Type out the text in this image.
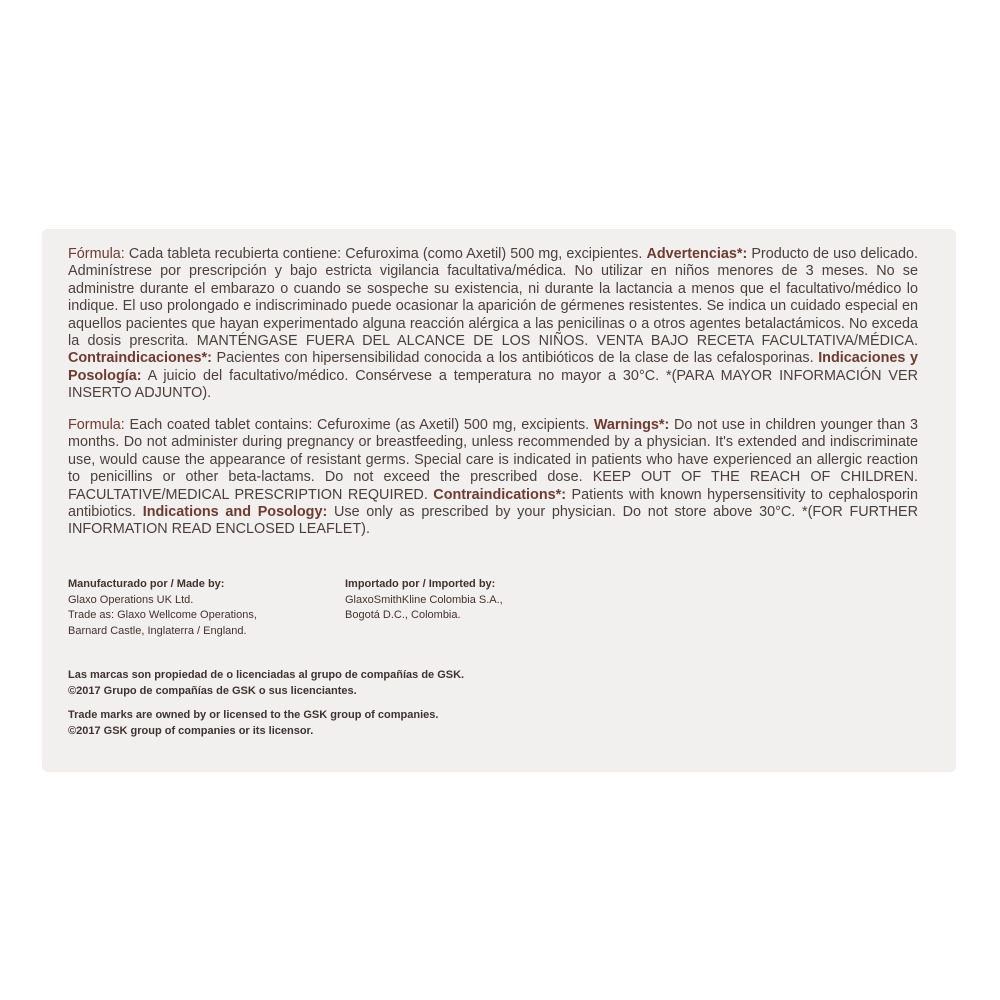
Fórmula: Cada tableta recubierta contiene: Cefuroxima (como Axetil) 500 mg, excipientes. Advertencias*: Producto de uso delicado. Adminístrese por prescripción y bajo estricta vigilancia facultativa/médica. No utilizar en niños menores de 3 meses. No se administre durante el embarazo o cuando se sospeche su existencia, ni durante la lactancia a menos que el facultativo/médico lo indique. El uso prolongado e indiscriminado puede ocasionar la aparición de gérmenes resistentes. Se indica un cuidado especial en aquellos pacientes que hayan experimentado alguna reacción alérgica a las penicilinas o a otros agentes betalactámicos. No exceda la dosis prescrita. MANTÉNGASE FUERA DEL ALCANCE DE LOS NIÑOS. VENTA BAJO RECETA FACULTATIVA/MÉDICA. Contraindicaciones*: Pacientes con hipersensibilidad conocida a los antibióticos de la clase de las cefalosporinas. Indicaciones y Posología: A juicio del facultativo/médico. Consérvese a temperatura no mayor a 30°C. *(PARA MAYOR INFORMACIÓN VER INSERTO ADJUNTO).

Formula: Each coated tablet contains: Cefuroxime (as Axetil) 500 mg, excipients. Warnings*: Do not use in children younger than 3 months. Do not administer during pregnancy or breastfeeding, unless recommended by a physician. It's extended and indiscriminate use, would cause the appearance of resistant germs. Special care is indicated in patients who have experienced an allergic reaction to penicillins or other beta-lactams. Do not exceed the prescribed dose. KEEP OUT OF THE REACH OF CHILDREN. FACULTATIVE/MEDICAL PRESCRIPTION REQUIRED. Contraindications*: Patients with known hypersensitivity to cephalosporin antibiotics. Indications and Posology: Use only as prescribed by your physician. Do not store above 30°C. *(FOR FURTHER INFORMATION READ ENCLOSED LEAFLET).

Manufacturado por / Made by:
Glaxo Operations UK Ltd.
Trade as: Glaxo Wellcome Operations,
Barnard Castle, Inglaterra / England.
Importado por / Imported by:
GlaxoSmithKline Colombia S.A.,
Bogotá D.C., Colombia.
Las marcas son propiedad de o licenciadas al grupo de compañías de GSK.
©2017 Grupo de compañías de GSK o sus licenciantes.
Trade marks are owned by or licensed to the GSK group of companies.
©2017 GSK group of companies or its licensor.
